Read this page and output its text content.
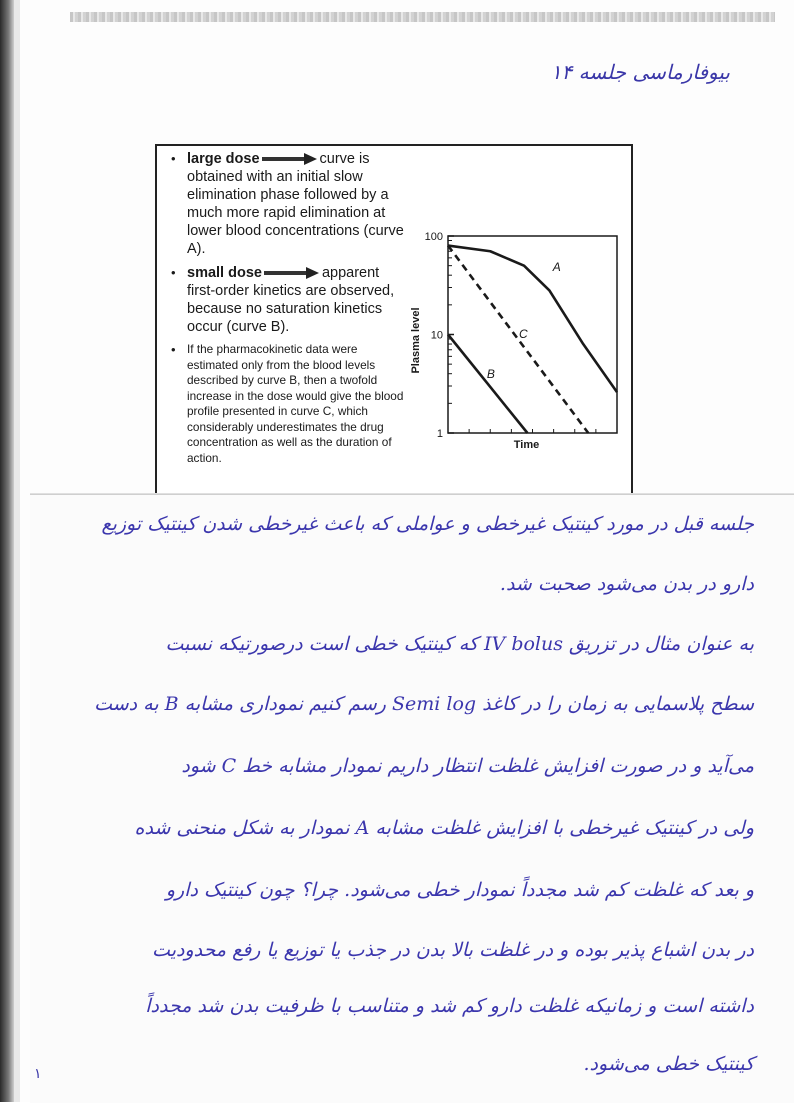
بیوفارماسی جلسه ۱۴
• large dose	curve is obtained with an initial slow elimination phase followed by a much more rapid elimination at lower blood concentrations (curve A).
• small dose	apparent first-order kinetics are observed, because no saturation kinetics occur (curve B).
• If the pharmacokinetic data were estimated only from the blood levels described by curve B, then a twofold increase in the dose would give the blood profile presented in curve C, which considerably underestimates the drug concentration as well as the duration of action.
100
10
1
Time
Plasma level
A
B
C
جلسه قبل در مورد کینتیک غیرخطی و عواملی که باعث غیرخطی شدن کینتیک توزیع
دارو در بدن می‌شود صحبت شد.
به عنوان مثال در تزریق IV bolus که کینتیک خطی است درصورتیکه نسبت
سطح پلاسمایی به زمان را در کاغذ Semi log رسم کنیم نموداری مشابه B به دست
می‌آید و در صورت افزایش غلظت انتظار داریم نمودار مشابه خط C شود
ولی در کینتیک غیرخطی با افزایش غلظت مشابه A نمودار به شکل منحنی شده
و بعد که غلظت کم شد مجدداً نمودار خطی می‌شود. چرا؟ چون کینتیک دارو
در بدن اشباع پذیر بوده و در غلظت بالا بدن در جذب یا توزیع یا رفع محدودیت
داشته است و زمانیکه غلظت دارو کم شد و متناسب با ظرفیت بدن شد مجدداً
کینتیک خطی می‌شود.
۱
